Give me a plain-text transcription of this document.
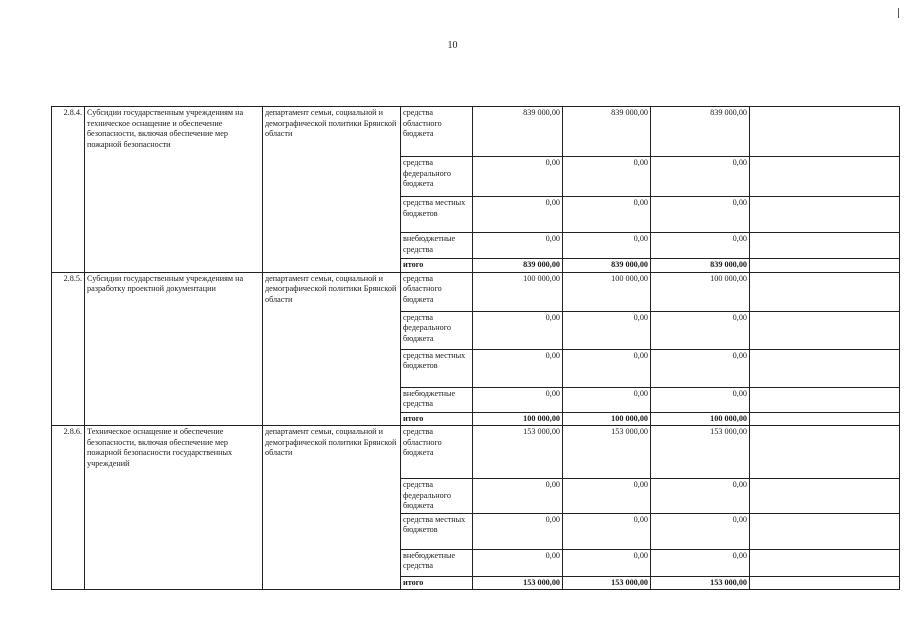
10
2.8.4.	Субсидии государственным учреждениям на техническое оснащение и обеспечение безопасности, включая обеспечение мер пожарной безопасности	департамент семьи, социальной и демографической политики Брянской области	средства областного бюджета	839 000,00	839 000,00	839 000,00	
			средства федерального бюджета	0,00	0,00	0,00	
			средства местных бюджетов	0,00	0,00	0,00	
			внебюджетные средства	0,00	0,00	0,00	
			итого	839 000,00	839 000,00	839 000,00	
2.8.5.	Субсидии государственным учреждениям на разработку проектной документации	департамент семьи, социальной и демографической политики Брянской области	средства областного бюджета	100 000,00	100 000,00	100 000,00	
			средства федерального бюджета	0,00	0,00	0,00	
			средства местных бюджетов	0,00	0,00	0,00	
			внебюджетные средства	0,00	0,00	0,00	
			итого	100 000,00	100 000,00	100 000,00	
2.8.6.	Техническое оснащение и обеспечение безопасности, включая обеспечение мер пожарной безопасности государственных учреждений	департамент семьи, социальной и демографической политики Брянской области	средства областного бюджета	153 000,00	153 000,00	153 000,00	
			средства федерального бюджета	0,00	0,00	0,00	
			средства местных бюджетов	0,00	0,00	0,00	
			внебюджетные средства	0,00	0,00	0,00	
			итого	153 000,00	153 000,00	153 000,00	
